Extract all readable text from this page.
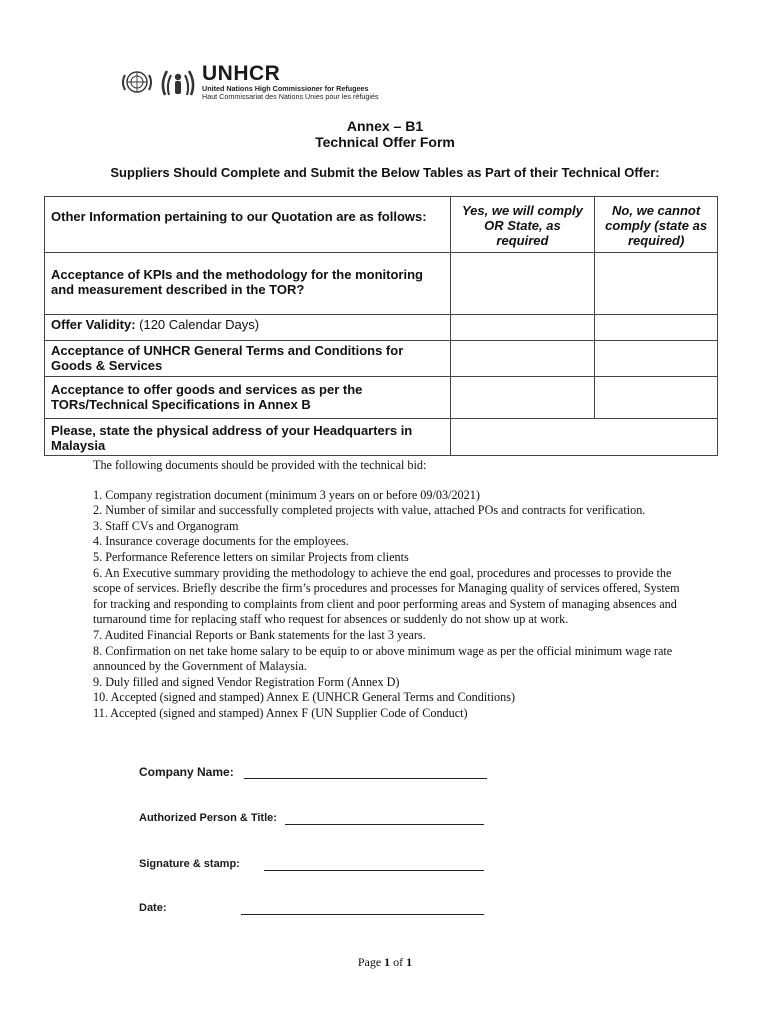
UNHCR
United Nations High Commissioner for Refugees
Haut Commissariat des Nations Unies pour les réfugiés
Annex – B1
Technical Offer Form
Suppliers Should Complete and Submit the Below Tables as Part of their Technical Offer:
Other Information pertaining to our Quotation are as follows:	Yes, we will comply OR State, as required	No, we cannot comply (state as required)
Acceptance of KPIs and the methodology for the monitoring and measurement described in the TOR?		
Offer Validity: (120 Calendar Days)		
Acceptance of UNHCR General Terms and Conditions for Goods & Services		
Acceptance to offer goods and services as per the TORs/Technical Specifications in Annex B		
Please, state the physical address of your Headquarters in Malaysia		

The following documents should be provided with the technical bid:

1. Company registration document (minimum 3 years on or before 09/03/2021)

2. Number of similar and successfully completed projects with value, attached POs and contracts for verification.

3. Staff CVs and Organogram

4. Insurance coverage documents for the employees.

5. Performance Reference letters on similar Projects from clients

6. An Executive summary providing the methodology to achieve the end goal, procedures and processes to provide the scope of services. Briefly describe the firm’s procedures and processes for Managing quality of services offered, System for tracking and responding to complaints from client and poor performing areas and System of managing absences and turnaround time for replacing staff who request for absences or suddenly do not show up at work.

7. Audited Financial Reports or Bank statements for the last 3 years.

8. Confirmation on net take home salary to be equip to or above minimum wage as per the official minimum wage rate announced by the Government of Malaysia.

9. Duly filled and signed Vendor Registration Form (Annex D)

10. Accepted (signed and stamped) Annex E (UNHCR General Terms and Conditions)

11. Accepted (signed and stamped) Annex F (UN Supplier Code of Conduct)

Company Name:
Authorized Person & Title:
Signature & stamp:
Date:
Page 1 of 1
